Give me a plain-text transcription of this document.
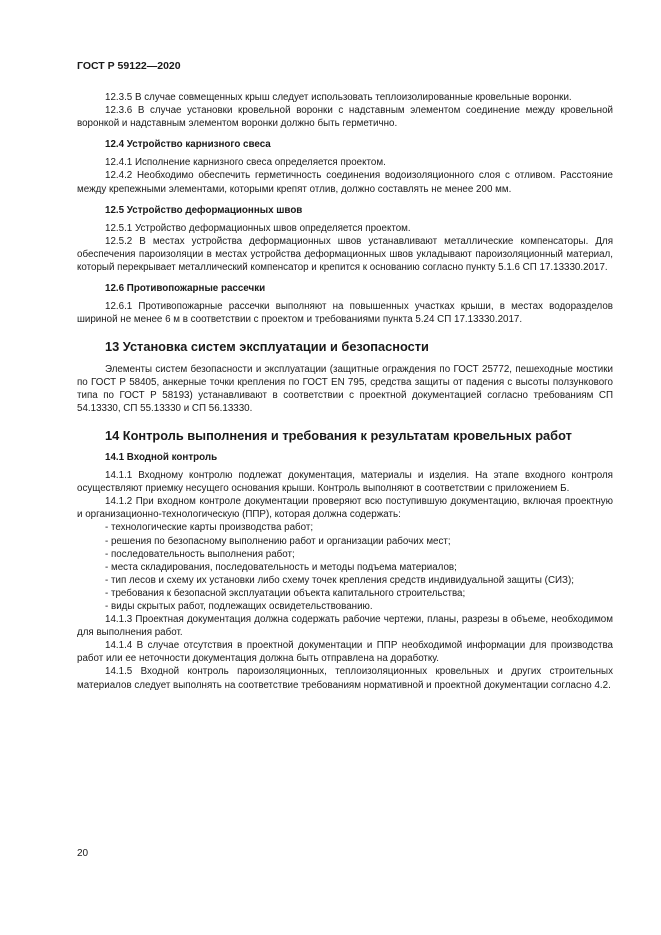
ГОСТ Р 59122—2020

12.3.5 В случае совмещенных крыш следует использовать теплоизолированные кровельные воронки.

12.3.6 В случае установки кровельной воронки с надставным элементом соединение между кровельной воронкой и надставным элементом воронки должно быть герметично.

12.4 Устройство карнизного свеса

12.4.1 Исполнение карнизного свеса определяется проектом.

12.4.2 Необходимо обеспечить герметичность соединения водоизоляционного слоя с отливом. Расстояние между крепежными элементами, которыми крепят отлив, должно составлять не менее 200 мм.

12.5 Устройство деформационных швов

12.5.1 Устройство деформационных швов определяется проектом.

12.5.2 В местах устройства деформационных швов устанавливают металлические компенсаторы. Для обеспечения пароизоляции в местах устройства деформационных швов укладывают пароизоляционный материал, который перекрывает металлический компенсатор и крепится к основанию согласно пункту 5.1.6 СП 17.13330.2017.

12.6 Противопожарные рассечки

12.6.1 Противопожарные рассечки выполняют на повышенных участках крыши, в местах водоразделов шириной не менее 6 м в соответствии с проектом и требованиями пункта 5.24 СП 17.13330.2017.

13 Установка систем эксплуатации и безопасности

Элементы систем безопасности и эксплуатации (защитные ограждения по ГОСТ 25772, пешеходные мостики по ГОСТ Р 58405, анкерные точки крепления по ГОСТ EN 795, средства защиты от падения с высоты ползункового типа по ГОСТ Р 58193) устанавливают в соответствии с проектной документацией согласно требованиям СП 54.13330, СП 55.13330 и СП 56.13330.

14 Контроль выполнения и требования к результатам кровельных работ
14.1 Входной контроль

14.1.1 Входному контролю подлежат документация, материалы и изделия. На этапе входного контроля осуществляют приемку несущего основания крыши. Контроль выполняют в соответствии с приложением Б.

14.1.2 При входном контроле документации проверяют всю поступившую документацию, включая проектную и организационно-технологическую (ППР), которая должна содержать:

- технологические карты производства работ;

- решения по безопасному выполнению работ и организации рабочих мест;

- последовательность выполнения работ;

- места складирования, последовательность и методы подъема материалов;

- тип лесов и схему их установки либо схему точек крепления средств индивидуальной защиты (СИЗ);

- требования к безопасной эксплуатации объекта капитального строительства;

- виды скрытых работ, подлежащих освидетельствованию.

14.1.3 Проектная документация должна содержать рабочие чертежи, планы, разрезы в объеме, необходимом для выполнения работ.

14.1.4 В случае отсутствия в проектной документации и ППР необходимой информации для производства работ или ее неточности документация должна быть отправлена на доработку.

14.1.5 Входной контроль пароизоляционных, теплоизоляционных кровельных и других строительных материалов следует выполнять на соответствие требованиям нормативной и проектной документации согласно 4.2.

20
